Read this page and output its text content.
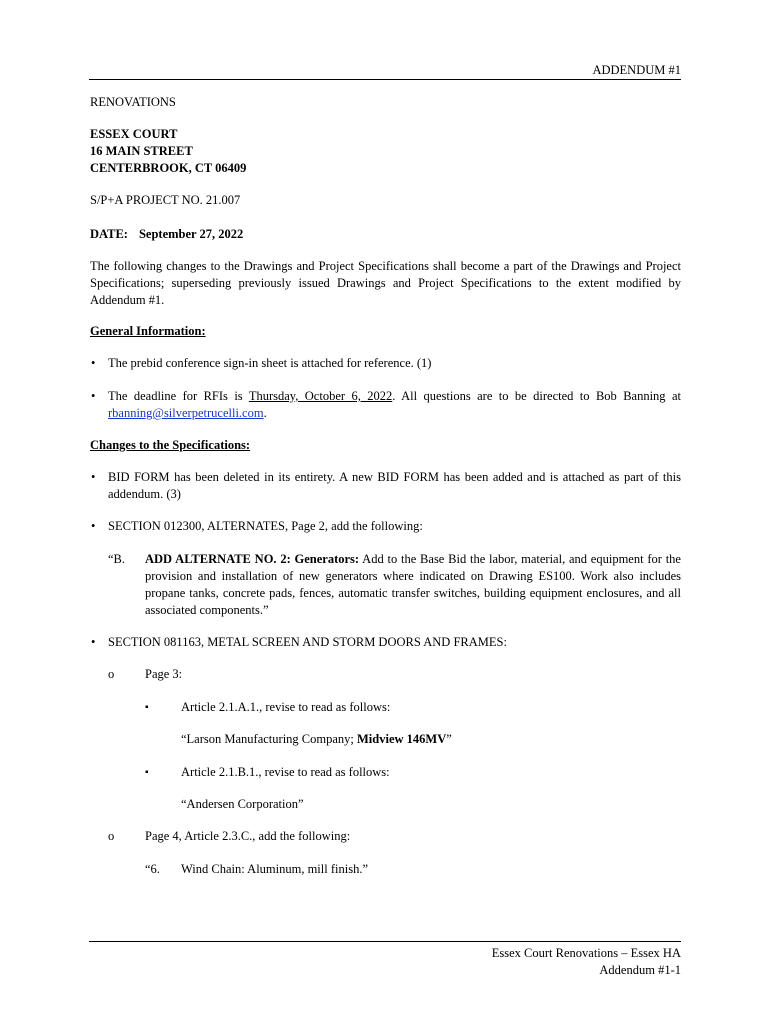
ADDENDUM #1
RENOVATIONS
ESSEX COURT
16 MAIN STREET
CENTERBROOK, CT 06409
S/P+A PROJECT NO. 21.007
DATE: September 27, 2022
The following changes to the Drawings and Project Specifications shall become a part of the Drawings and Project Specifications; superseding previously issued Drawings and Project Specifications to the extent modified by Addendum #1.
General Information:
• The prebid conference sign-in sheet is attached for reference. (1)
• The deadline for RFIs is Thursday, October 6, 2022. All questions are to be directed to Bob Banning at rbanning@silverpetrucelli.com.
Changes to the Specifications:
• BID FORM has been deleted in its entirety. A new BID FORM has been added and is attached as part of this addendum. (3)
• SECTION 012300, ALTERNATES, Page 2, add the following:
“B. ADD ALTERNATE NO. 2: Generators: Add to the Base Bid the labor, material, and equipment for the provision and installation of new generators where indicated on Drawing ES100. Work also includes propane tanks, concrete pads, fences, automatic transfer switches, building equipment enclosures, and all associated components.”
• SECTION 081163, METAL SCREEN AND STORM DOORS AND FRAMES:
o Page 3:
▪	Article 2.1.A.1., revise to read as follows:
“Larson Manufacturing Company; Midview 146MV”
▪	Article 2.1.B.1., revise to read as follows:
“Andersen Corporation”
o Page 4, Article 2.3.C., add the following:
“6. Wind Chain: Aluminum, mill finish.”
Essex Court Renovations – Essex HA
Addendum #1-1
